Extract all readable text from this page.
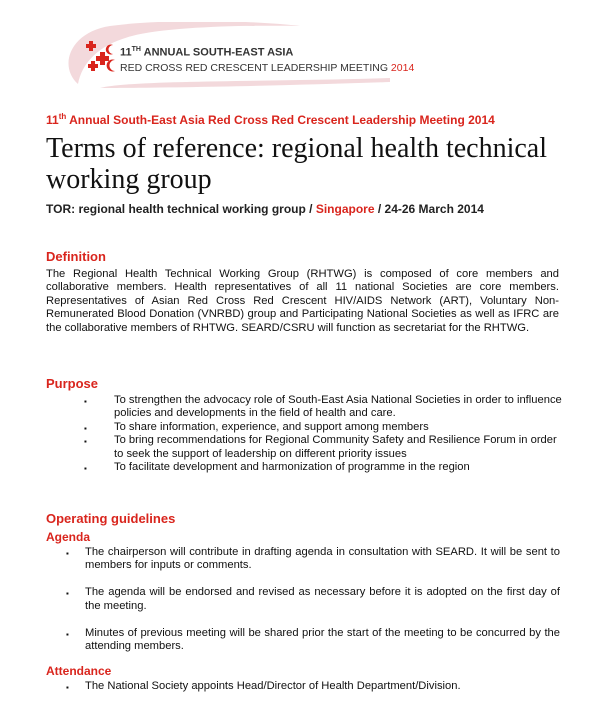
11TH ANNUAL SOUTH-EAST ASIA
RED CROSS RED CRESCENT LEADERSHIP MEETING 2014
11th Annual South-East Asia Red Cross Red Crescent Leadership Meeting 2014
Terms of reference: regional health technical working group
TOR: regional health technical working group / Singapore / 24-26 March 2014
Definition
The Regional Health Technical Working Group (RHTWG) is composed of core members and collaborative members. Health representatives of all 11 national Societies are core members. Representatives of Asian Red Cross Red Crescent HIV/AIDS Network (ART), Voluntary Non-Remunerated Blood Donation (VNRBD) group and Participating National Societies as well as IFRC are the collaborative members of RHTWG. SEARD/CSRU will function as secretariat for the RHTWG.
Purpose
▪ To strengthen the advocacy role of South-East Asia National Societies in order to influence policies and developments in the field of health and care.
▪ To share information, experience, and support among members
▪ To bring recommendations for Regional Community Safety and Resilience Forum in order to seek the support of leadership on different priority issues
▪ To facilitate development and harmonization of programme in the region
Operating guidelines
Agenda
▪ The chairperson will contribute in drafting agenda in consultation with SEARD. It will be sent to members for inputs or comments.
▪ The agenda will be endorsed and revised as necessary before it is adopted on the first day of the meeting.
▪ Minutes of previous meeting will be shared prior the start of the meeting to be concurred by the attending members.
Attendance
▪ The National Society appoints Head/Director of Health Department/Division.
